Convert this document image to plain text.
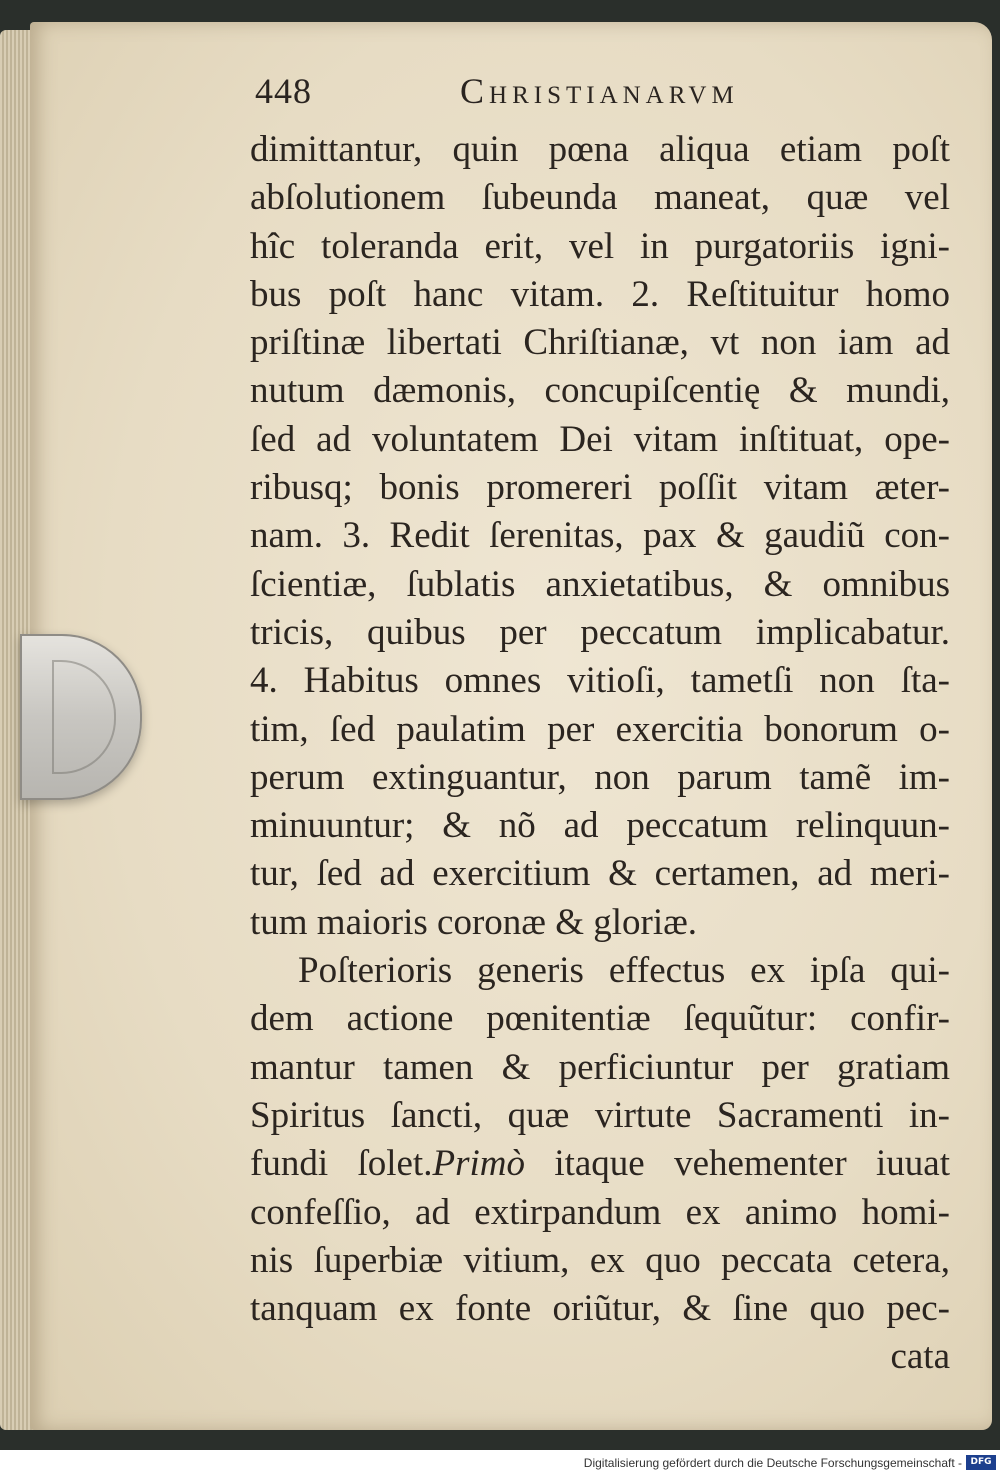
448	Christianarvm
dimittantur, quin pœna aliqua etiam poſt
abſolutionem ſubeunda maneat, quæ vel
hîc toleranda erit, vel in purgatoriis igni-
bus poſt hanc vitam. 2. Reſtituitur homo
priſtinæ libertati Chriſtianæ, vt non iam ad
nutum dæmonis, concupiſcentię & mundi,
ſed ad voluntatem Dei vitam inſtituat, ope-
ribusq; bonis promereri poſſit vitam æter-
nam. 3. Redit ſerenitas, pax & gaudiũ con-
ſcientiæ, ſublatis anxietatibus, & omnibus
tricis, quibus per peccatum implicabatur.
4. Habitus omnes vitioſi, tametſi non ſta-
tim, ſed paulatim per exercitia bonorum o-
perum extinguantur, non parum tamẽ im-
minuuntur; & nõ ad peccatum relinquun-
tur, ſed ad exercitium & certamen, ad meri-
tum maioris coronæ & gloriæ.
Poſterioris generis effectus ex ipſa qui-
dem actione pœnitentiæ ſequũtur: confir-
mantur tamen & perficiuntur per gratiam
Spiritus ſancti, quæ virtute Sacramenti in-
fundi ſolet.Primò itaque vehementer iuuat
confeſſio, ad extirpandum ex animo homi-
nis ſuperbiæ vitium, ex quo peccata cetera,
tanquam ex fonte oriũtur, & ſine quo pec-
cata
Digitalisierung gefördert durch die Deutsche Forschungsgemeinschaft - DFG
